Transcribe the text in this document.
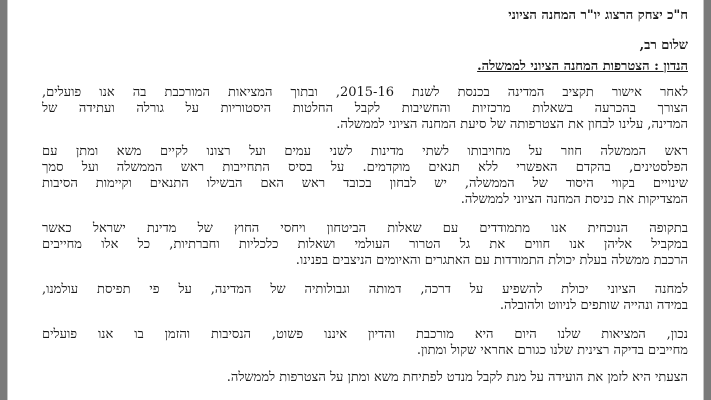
ח"כ יצחק הרצוג יו"ר המחנה הציוני
שלום רב,
הנדון : הצטרפות המחנה הציוני לממשלה.
לאחר אישור תקציב המדינה בכנסת לשנת 2015-16, ובתוך המציאות המורכבת בה אנו פועלים,
הצורך בהכרעה בשאלות מרכזיות והחשיבות לקבל החלטות היסטוריות על גורלה ועתידה של
המדינה, עלינו לבחון את הצטרפותה של סיעת המחנה הציוני לממשלה.
ראש הממשלה חוזר על מחויבותו לשתי מדינות לשני עמים ועל רצונו לקיים משא ומתן עם
הפלסטינים, בהקדם האפשרי ללא תנאים מוקדמים. על בסיס התחייבות ראש הממשלה ועל סמך
שינויים בקווי היסוד של הממשלה, יש לבחון בכובד ראש האם הבשילו התנאים וקיימות הסיבות
המצדיקות את כניסת המחנה הציוני לממשלה.
בתקופה הנוכחית אנו מתמודדים עם שאלות הביטחון ויחסי החוץ של מדינת ישראל כאשר
במקביל אליהן אנו חווים את גל הטרור העולמי ושאלות כלכליות וחברתיות, כל אלו מחייבים
הרכבת ממשלה בעלת יכולת התמודדות עם האתגרים והאיומים הניצבים בפנינו.
למחנה הציוני יכולת להשפיע על דרכה, דמותה וגבולותיה של המדינה, על פי תפיסת עולמנו,
במידה ונהייה שותפים לניווט ולהובלה.
נכון, המציאות שלנו היום היא מורכבת והדיון איננו פשוט, הנסיבות והזמן בו אנו פועלים
מחייבים בדיקה רצינית שלנו כגורם אחראי שקול ומתון.
הצעתי היא לזמן את הועידה על מנת לקבל מנדט לפתיחת משא ומתן על הצטרפות לממשלה.
